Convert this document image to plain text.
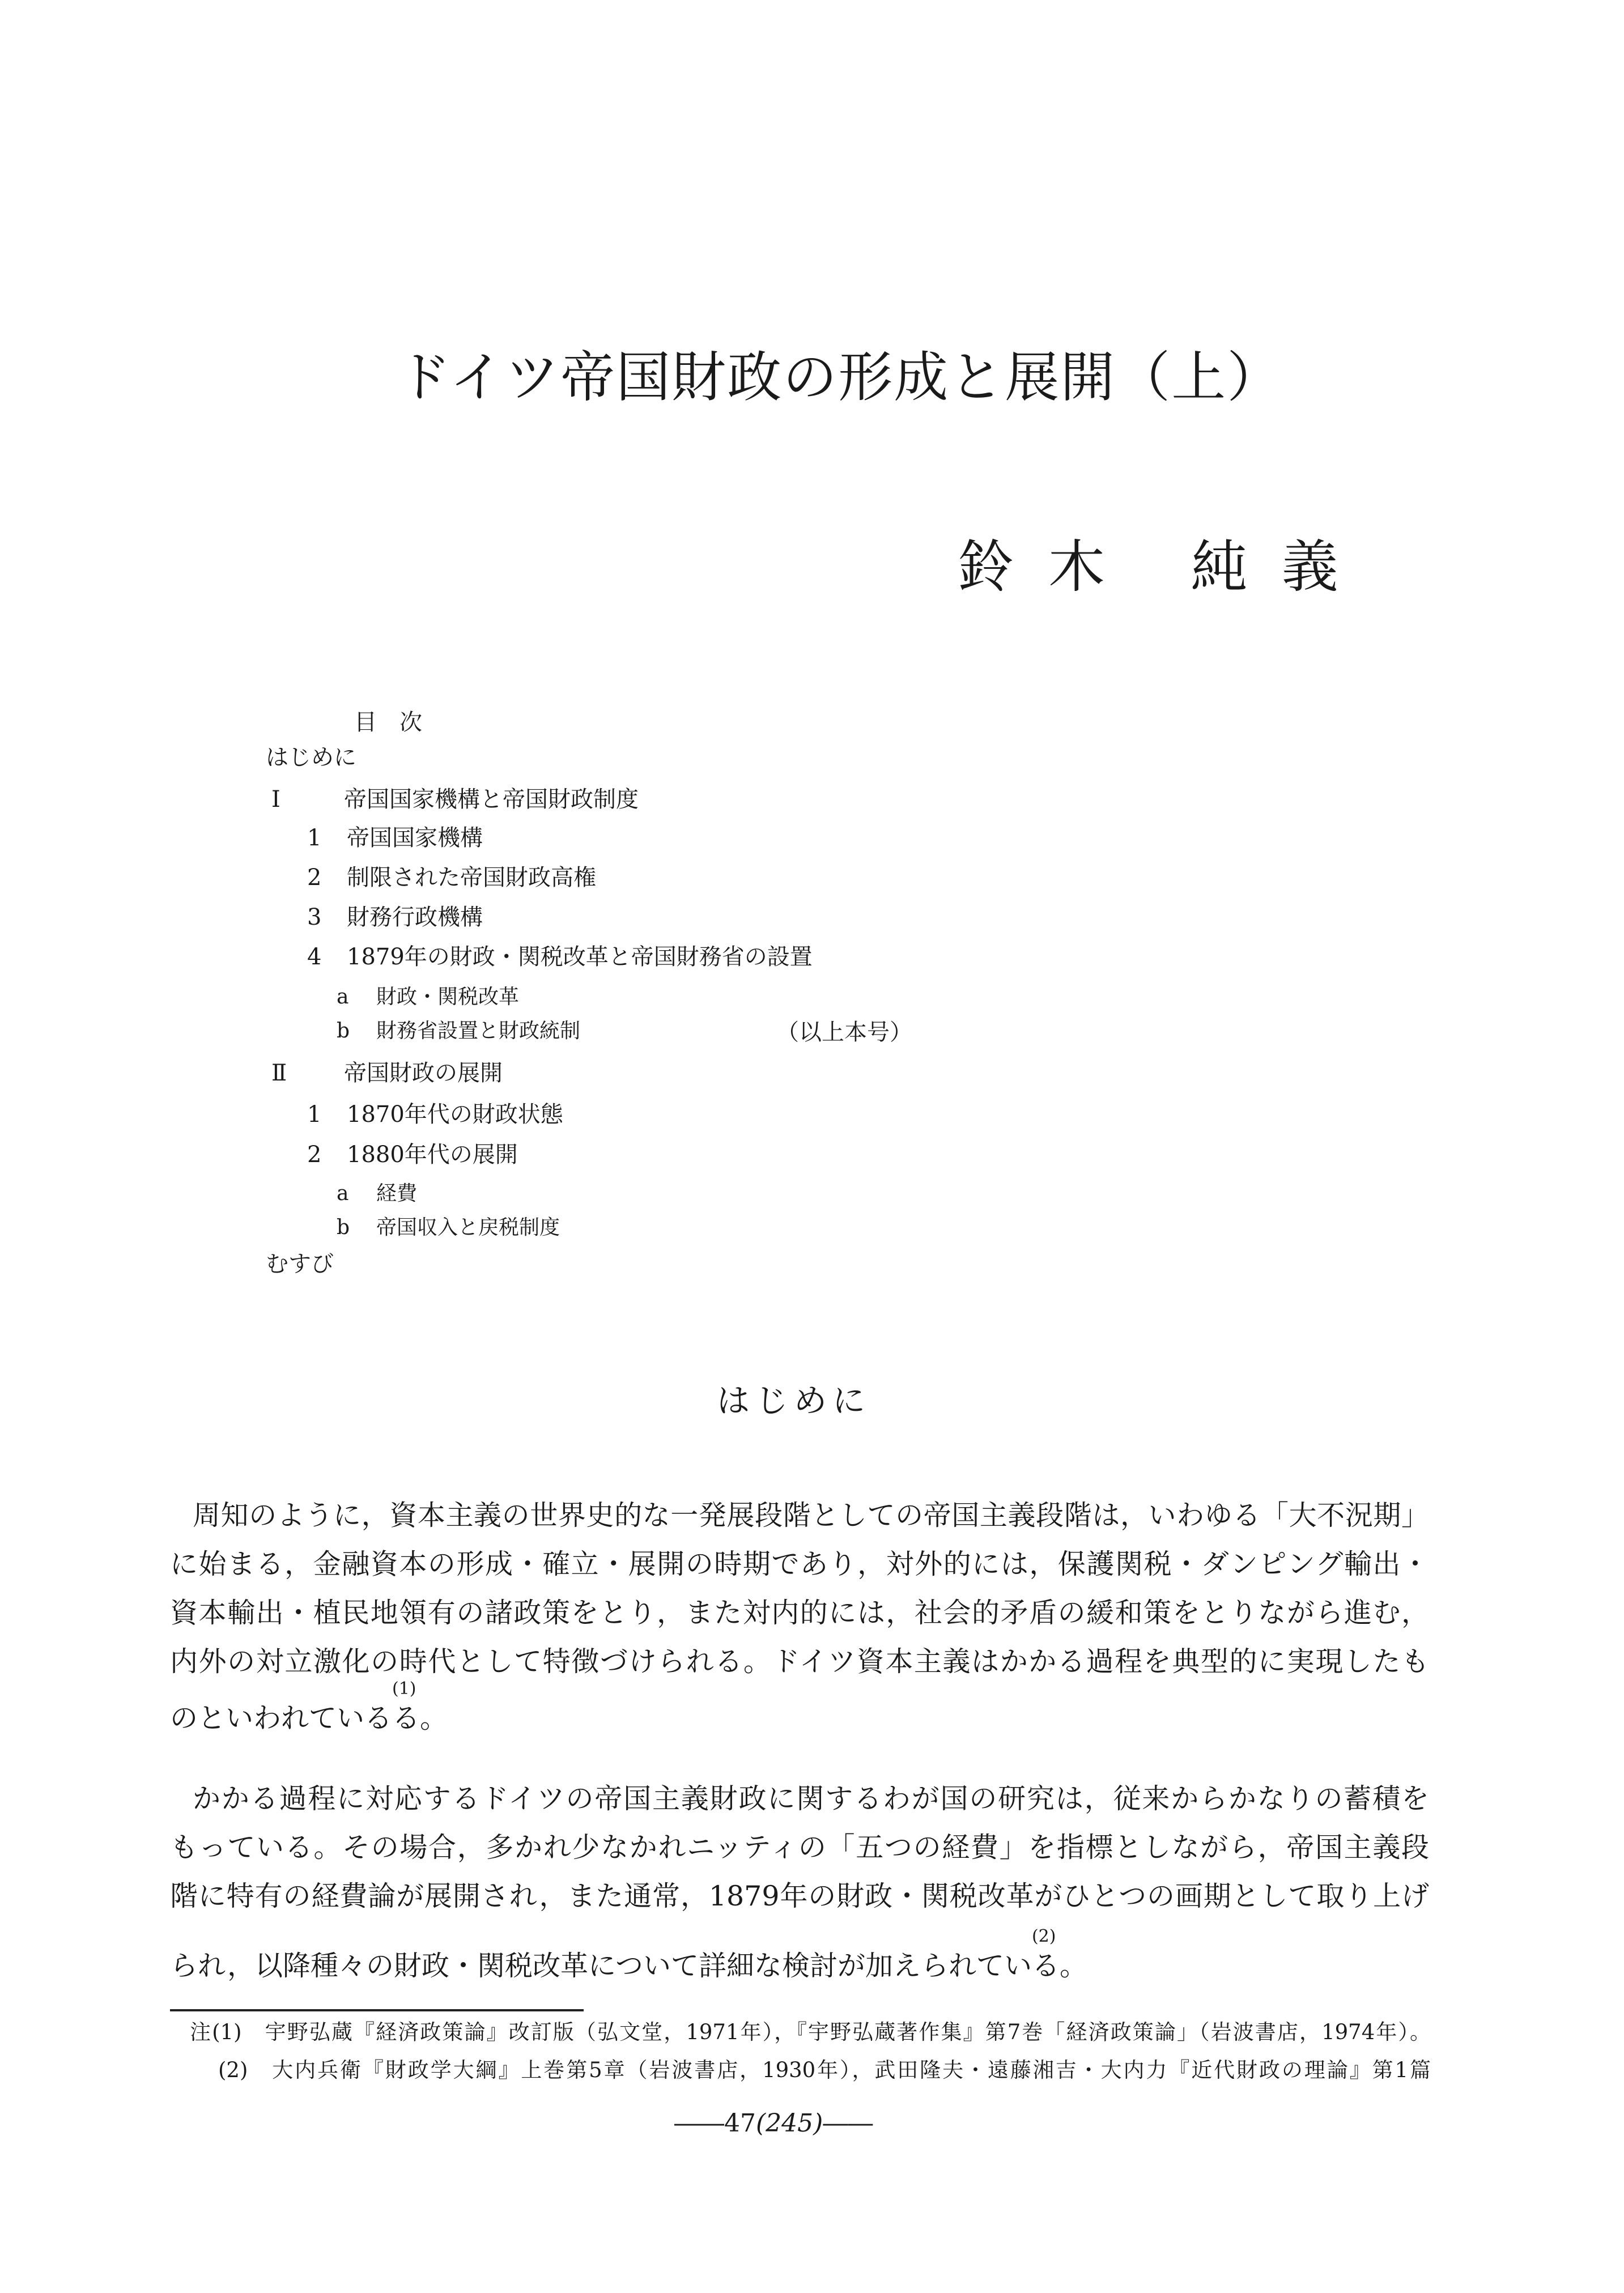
ドイツ帝国財政の形成と展開（上）
鈴木 純義
目次
はじめに
Ⅰ	帝国国家機構と帝国財政制度
1 帝国国家機構
2 制限された帝国財政高権
3 財務行政機構
4 1879年の財政・関税改革と帝国財務省の設置
a 財政・関税改革
b 財務省設置と財政統制
Ⅱ	帝国財政の展開
1 1870年代の財政状態
2 1880年代の展開
a 経費
b 帝国収入と戻税制度
むすび
（以上本号）
はじめに
周知のように，資本主義の世界史的な一発展段階としての帝国主義段階は，いわゆる「大不況期」
に始まる，金融資本の形成・確立・展開の時期であり，対外的には，保護関税・ダンピング輸出・
資本輸出・植民地領有の諸政策をとり，また対内的には，社会的矛盾の緩和策をとりながら進む，
内外の対立激化の時代として特徴づけられる。ドイツ資本主義はかかる過程を典型的に実現したも
のといわれているる
(1)
。
かかる過程に対応するドイツの帝国主義財政に関するわが国の研究は，従来からかなりの蓄積を
もっている。その場合，多かれ少なかれニッティの「五つの経費」を指標としながら，帝国主義段
階に特有の経費論が展開され，また通常，1879年の財政・関税改革がひとつの画期として取り上げ
られ，以降種々の財政・関税改革について詳細な検討が加えられている
(2)
。
注(1)　宇野弘蔵『経済政策論』改訂版（弘文堂，1971年），『宇野弘蔵著作集』第7巻「経済政策論」（岩波書店，1974年）。
(2)　大内兵衛『財政学大綱』上巻第5章（岩波書店，1930年），武田隆夫・遠藤湘吉・大内力『近代財政の理論』第1篇
――47(245)――
